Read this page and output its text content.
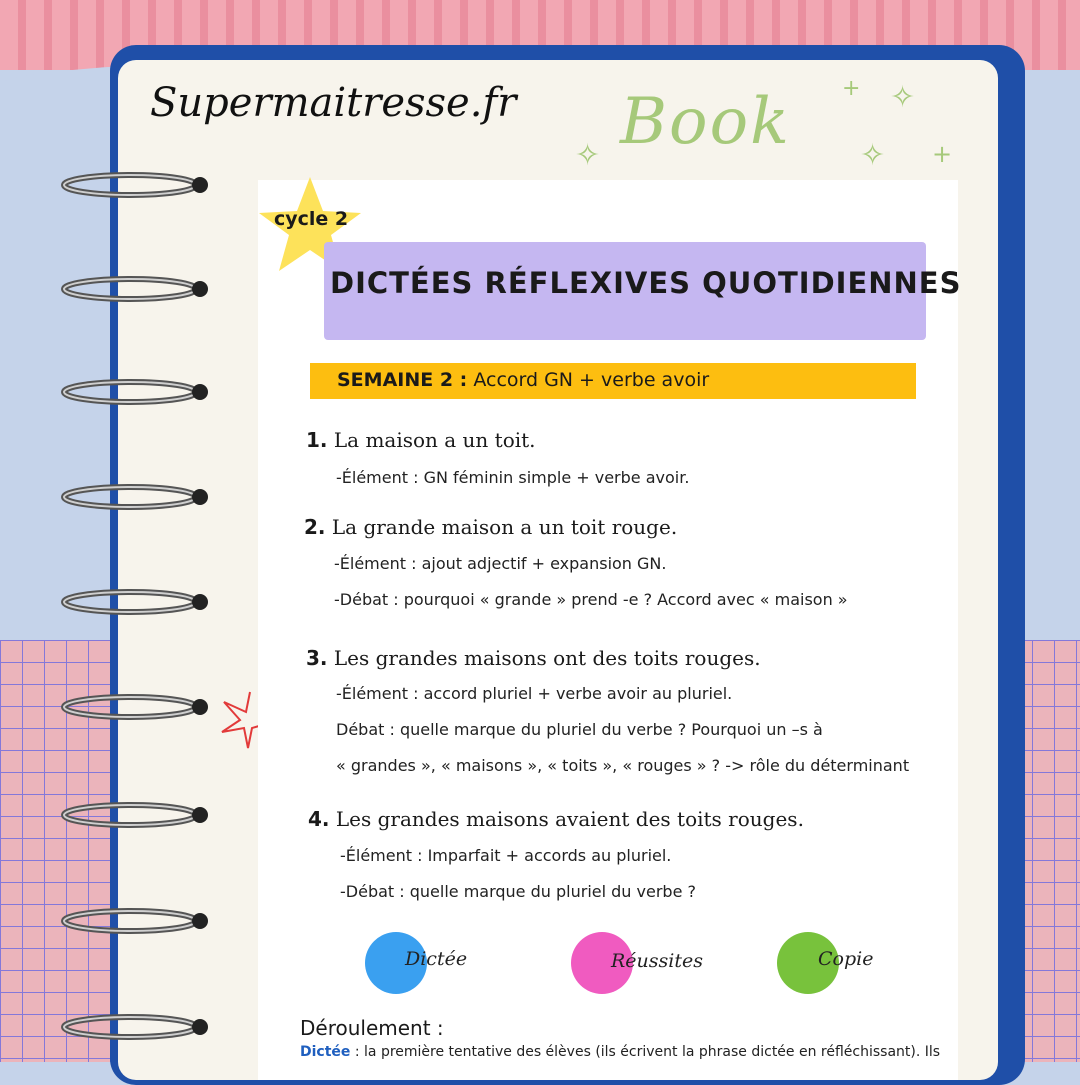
Supermaitresse.fr Book
✧
✧
✧
+
+
cycle 2
DICTÉES RÉFLEXIVES QUOTIDIENNES
SEMAINE 2 : Accord GN + verbe avoir
1. La maison a un toit.
-Élément : GN féminin simple + verbe avoir.
2. La grande maison a un toit rouge.
-Élément : ajout adjectif + expansion GN.
-Débat : pourquoi « grande » prend -e ? Accord avec « maison »
3. Les grandes maisons ont des toits rouges.
-Élément : accord pluriel + verbe avoir au pluriel.
Débat : quelle marque du pluriel du verbe ? Pourquoi un –s à
« grandes », « maisons », « toits », « rouges » ? -> rôle du déterminant
4. Les grandes maisons avaient des toits rouges.
-Élément : Imparfait + accords au pluriel.
-Débat : quelle marque du pluriel du verbe ?
Dictée	Réussites	Copie
Déroulement :
Dictée : la première tentative des élèves (ils écrivent la phrase dictée en réfléchissant). Ils
